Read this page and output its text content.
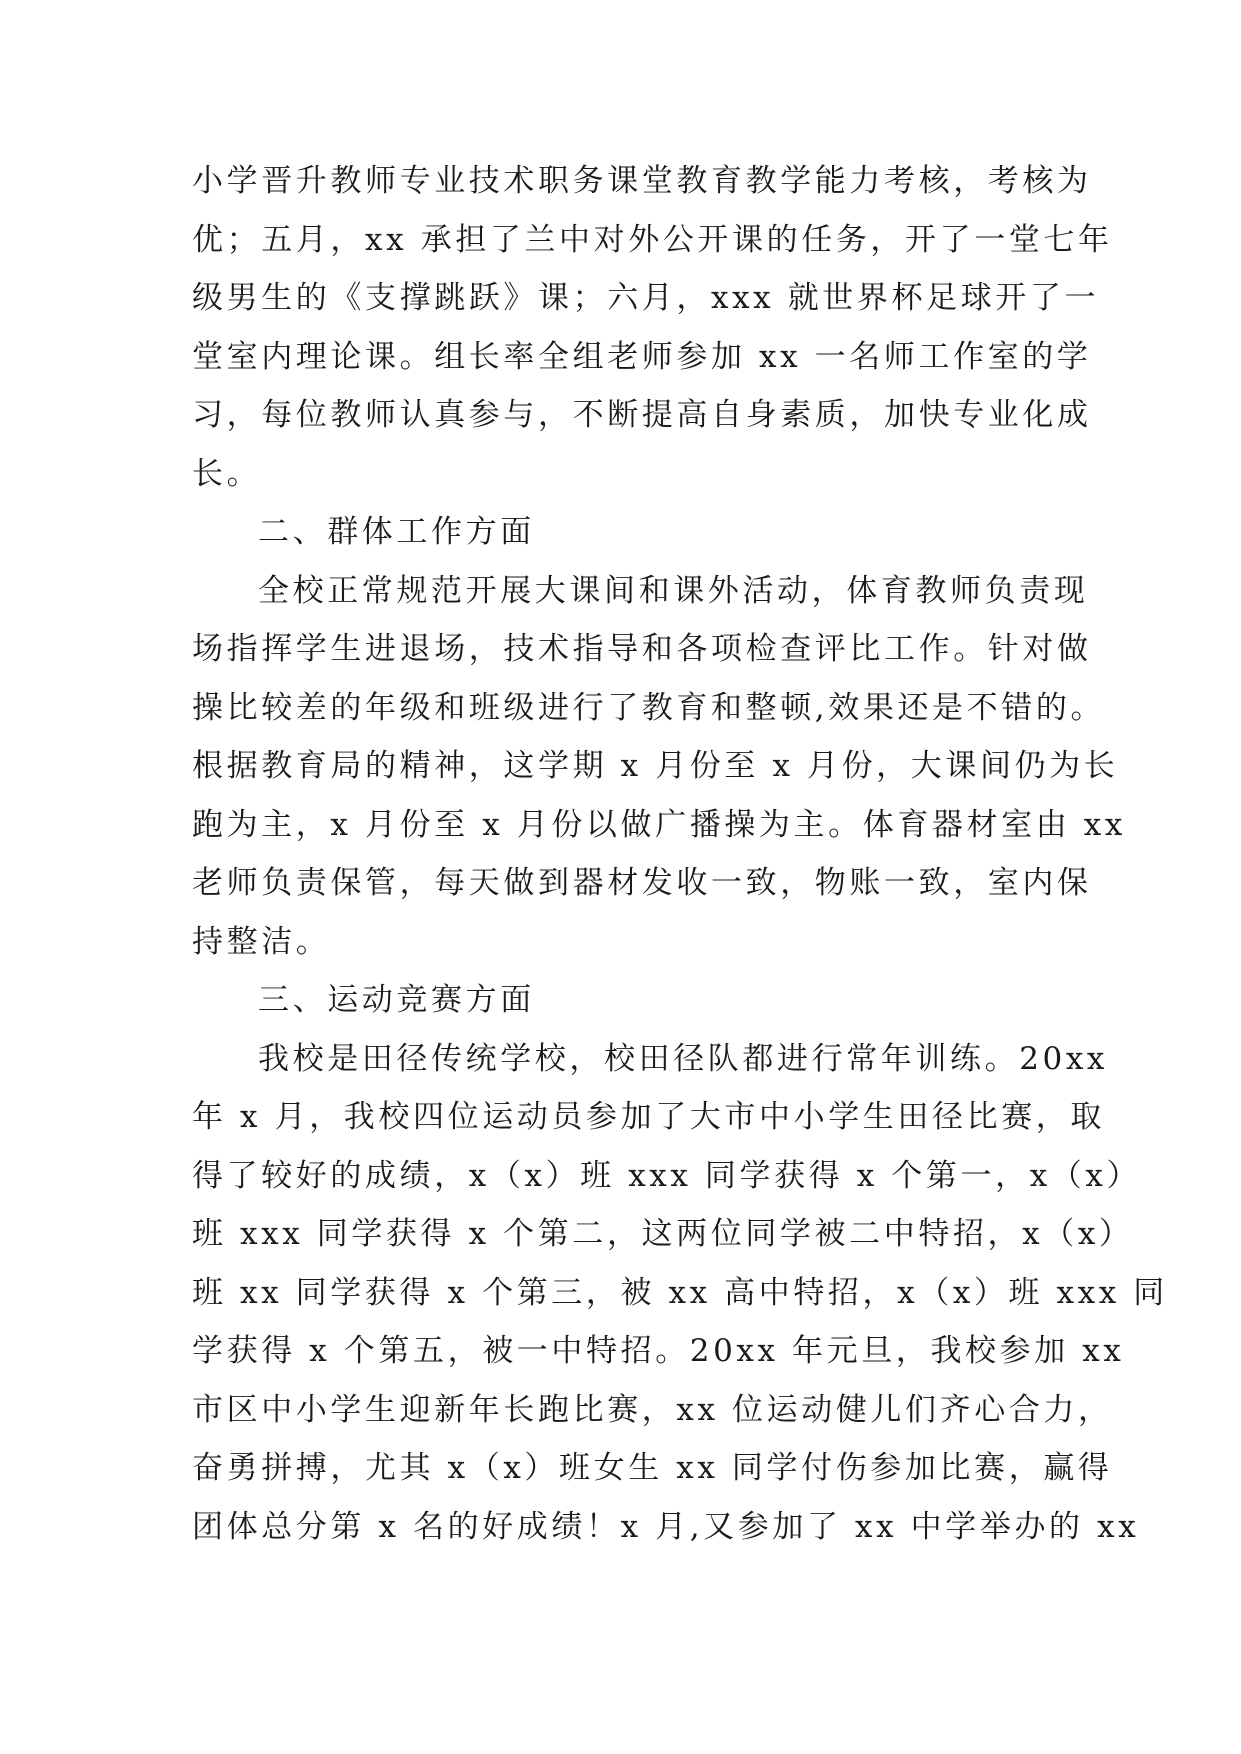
小学晋升教师专业技术职务课堂教育教学能力考核，考核为
优；五月，xx 承担了兰中对外公开课的任务，开了一堂七年
级男生的《支撑跳跃》课；六月，xxx 就世界杯足球开了一
堂室内理论课。组长率全组老师参加 xx 一名师工作室的学
习，每位教师认真参与，不断提高自身素质，加快专业化成
长。
二、群体工作方面
全校正常规范开展大课间和课外活动，体育教师负责现
场指挥学生进退场，技术指导和各项检查评比工作。针对做
操比较差的年级和班级进行了教育和整顿,效果还是不错的。
根据教育局的精神，这学期 x 月份至 x 月份，大课间仍为长
跑为主，x 月份至 x 月份以做广播操为主。体育器材室由 xx
老师负责保管，每天做到器材发收一致，物账一致，室内保
持整洁。
三、运动竞赛方面
我校是田径传统学校，校田径队都进行常年训练。20xx
年 x 月，我校四位运动员参加了大市中小学生田径比赛，取
得了较好的成绩，x（x）班 xxx 同学获得 x 个第一，x（x）
班 xxx 同学获得 x 个第二，这两位同学被二中特招，x（x）
班 xx 同学获得 x 个第三，被 xx 高中特招，x（x）班 xxx 同
学获得 x 个第五，被一中特招。20xx 年元旦，我校参加 xx
市区中小学生迎新年长跑比赛，xx 位运动健儿们齐心合力，
奋勇拼搏，尤其 x（x）班女生 xx 同学付伤参加比赛，赢得
团体总分第 x 名的好成绩！x 月,又参加了 xx 中学举办的 xx
